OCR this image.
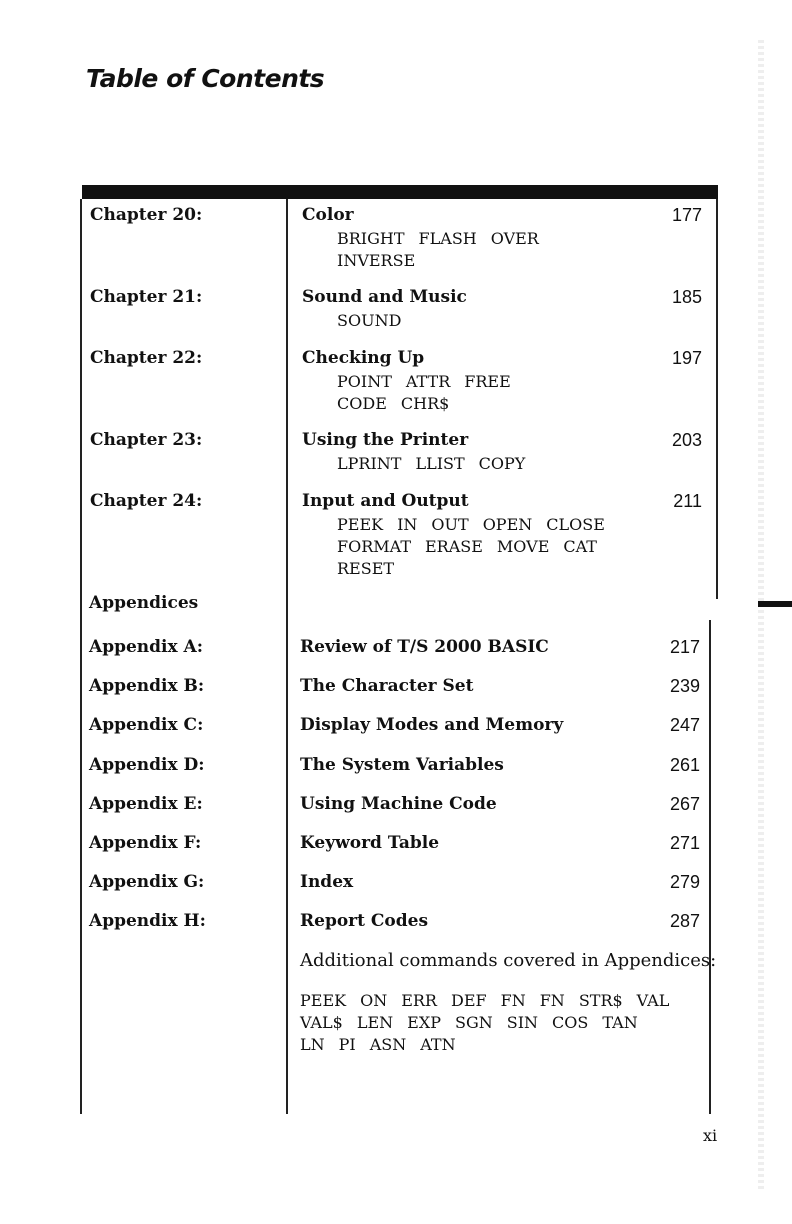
Table of Contents
Chapter 20:	Color	177
BRIGHT FLASH OVER
INVERSE
Chapter 21:	Sound and Music	185
SOUND
Chapter 22:	Checking Up	197
POINT ATTR FREE
CODE CHR$
Chapter 23:	Using the Printer	203
LPRINT LLIST COPY
Chapter 24:	Input and Output	211
PEEK IN OUT OPEN CLOSE
FORMAT ERASE MOVE CAT
RESET
Appendices
Appendix A:	Review of T/S 2000 BASIC	217
Appendix B:	The Character Set	239
Appendix C:	Display Modes and Memory	247
Appendix D:	The System Variables	261
Appendix E:	Using Machine Code	267
Appendix F:	Keyword Table	271
Appendix G:	Index	279
Appendix H:	Report Codes	287
Additional commands covered in Appendices:
PEEK ON ERR DEF FN FN STR$ VAL
VAL$ LEN EXP SGN SIN COS TAN
LN PI ASN ATN
xi
